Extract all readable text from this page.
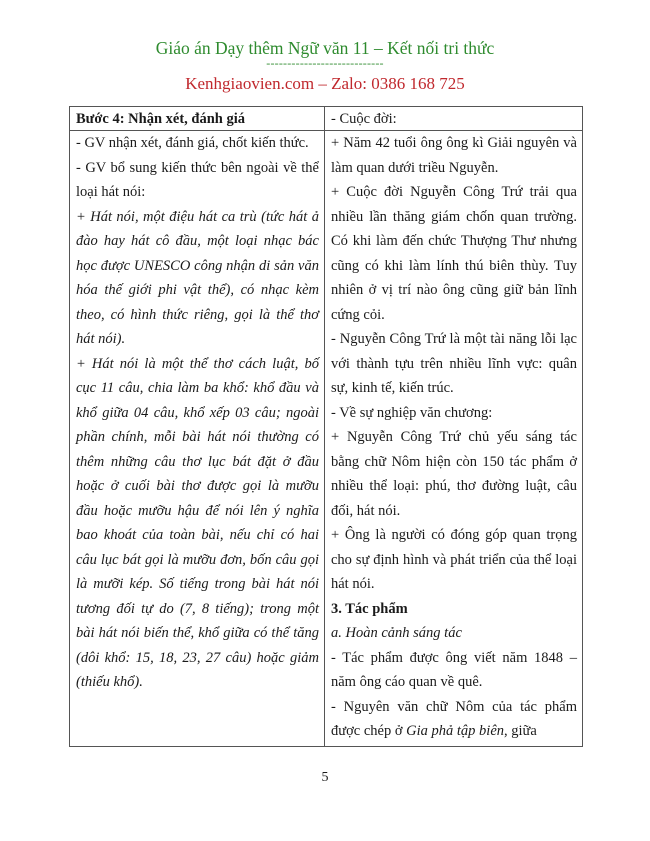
Giáo án Dạy thêm Ngữ văn 11 – Kết nối tri thức
----------------------------
Kenhgiaovien.com – Zalo: 0386 168 725
Bước 4: Nhận xét, đánh giá

- GV nhận xét, đánh giá, chốt kiến thức.

- GV bổ sung kiến thức bên ngoài về thể loại hát nói:

+ Hát nói, một điệu hát ca trù (tức hát ả đào hay hát cô đầu, một loại nhạc bác học được UNESCO công nhận di sản văn hóa thế giới phi vật thể), có nhạc kèm theo, có hình thức riêng, gọi là thể thơ hát nói).

+ Hát nói là một thể thơ cách luật, bố cục 11 câu, chia làm ba khổ: khổ đầu và khổ giữa 04 câu, khổ xếp 03 câu; ngoài phần chính, mỗi bài hát nói thường có thêm những câu thơ lục bát đặt ở đầu hoặc ở cuối bài thơ được gọi là mưỡu đầu hoặc mưỡu hậu để nói lên ý nghĩa bao khoát của toàn bài, nếu chỉ có hai câu lục bát gọi là mưỡu đơn, bốn câu gọi là mưỡi kép. Số tiếng trong bài hát nói tương đối tự do (7, 8 tiếng); trong một bài hát nói biến thể, khổ giữa có thể tăng (dôi khổ: 15, 18, 23, 27 câu) hoặc giảm (thiếu khổ).

- Cuộc đời:

+ Năm 42 tuổi ông ông kì Giải nguyên và làm quan dưới triều Nguyễn.

+ Cuộc đời Nguyễn Công Trứ trải qua nhiều lần thăng giám chốn quan trường. Có khi làm đến chức Thượng Thư nhưng cũng có khi làm lính thú biên thùy. Tuy nhiên ở vị trí nào ông cũng giữ bản lĩnh cứng cỏi.

- Nguyễn Công Trứ là một tài năng lỗi lạc với thành tựu trên nhiều lĩnh vực: quân sự, kinh tế, kiến trúc.

- Về sự nghiệp văn chương:

+ Nguyễn Công Trứ chủ yếu sáng tác bằng chữ Nôm hiện còn 150 tác phẩm ở nhiều thể loại: phú, thơ đường luật, câu đối, hát nói.

+ Ông là người có đóng góp quan trọng cho sự định hình và phát triển của thể loại hát nói.

3. Tác phẩm

a. Hoàn cảnh sáng tác

- Tác phẩm được ông viết năm 1848 – năm ông cáo quan về quê.

- Nguyên văn chữ Nôm của tác phẩm được chép ở Gia phả tập biên, giữa

5
